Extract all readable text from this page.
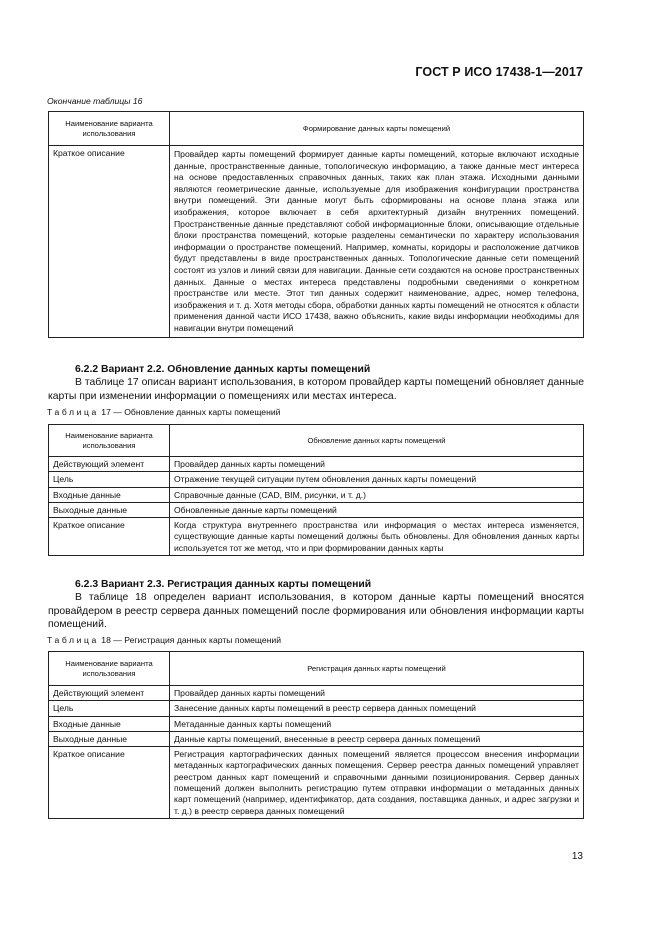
ГОСТ Р ИСО 17438-1—2017
Окончание таблицы 16
Наименование варианта использования	Формирование данных карты помещений
Краткое описание	Провайдер карты помещений формирует данные карты помещений, которые включают исходные данные, пространственные данные, топологическую информацию, а также данные мест интереса на основе предоставленных справочных данных, таких как план этажа. Исходными данными являются геометрические данные, используемые для изображения конфигурации пространства внутри помещений. Эти данные могут быть сформированы на основе плана этажа или изображения, которое включает в себя архитектурный дизайн внутренних помещений. Пространственные данные представляют собой информационные блоки, описывающие отдельные блоки пространства помещений, которые разделены семантически по характеру использования информации о пространстве помещений. Например, комнаты, коридоры и расположение датчиков будут представлены в виде пространственных данных. Топологические данные сети помещений состоят из узлов и линий связи для навигации. Данные сети создаются на основе пространственных данных. Данные о местах интереса представлены подробными сведениями о конкретном пространстве или месте. Этот тип данных содержит наименование, адрес, номер телефона, изображения и т. д. Хотя методы сбора, обработки данных карты помещений не относятся к области применения данной части ИСО 17438, важно объяснить, какие виды информации необходимы для навигации внутри помещений
6.2.2 Вариант 2.2. Обновление данных карты помещений
В таблице 17 описан вариант использования, в котором провайдер карты помещений обновляет данные карты при изменении информации о помещениях или местах интереса.
Таблица 17 — Обновление данных карты помещений
Наименование варианта использования	Обновление данных карты помещений
Действующий элемент	Провайдер данных карты помещений
Цель	Отражение текущей ситуации путем обновления данных карты помещений
Входные данные	Справочные данные (CAD, BIM, рисунки, и т. д.)
Выходные данные	Обновленные данные карты помещений
Краткое описание	Когда структура внутреннего пространства или информация о местах интереса изменяется, существующие данные карты помещений должны быть обновлены. Для обновления данных карты используется тот же метод, что и при формировании данных карты
6.2.3 Вариант 2.3. Регистрация данных карты помещений
В таблице 18 определен вариант использования, в котором данные карты помещений вносятся провайдером в реестр сервера данных помещений после формирования или обновления информации карты помещений.
Таблица 18 — Регистрация данных карты помещений
Наименование варианта использования	Регистрация данных карты помещений
Действующий элемент	Провайдер данных карты помещений
Цель	Занесение данных карты помещений в реестр сервера данных помещений
Входные данные	Метаданные данных карты помещений
Выходные данные	Данные карты помещений, внесенные в реестр сервера данных помещений
Краткое описание	Регистрация картографических данных помещений является процессом внесения информации метаданных картографических данных помещения. Сервер реестра данных помещений управляет реестром данных карт помещений и справочными данными позиционирования. Сервер данных помещений должен выполнить регистрацию путем отправки информации о метаданных данных карт помещений (например, идентификатор, дата создания, поставщика данных, и адрес загрузки и т. д.) в реестр сервера данных помещений
13
